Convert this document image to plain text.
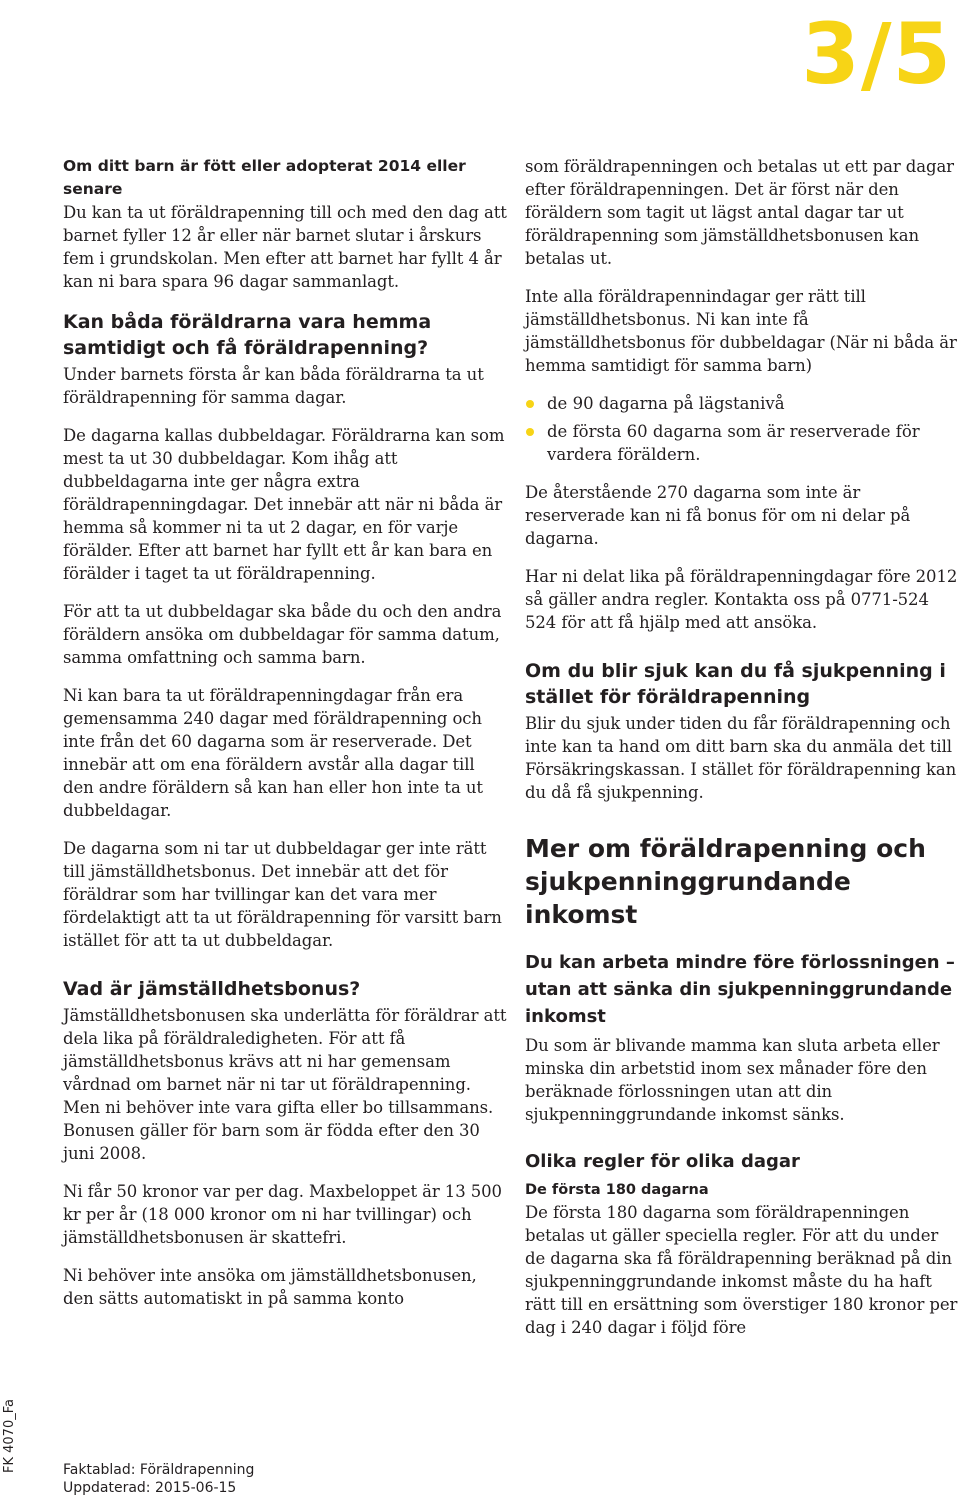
3/5
Om ditt barn är fött eller adopterat 2014 eller senare

Du kan ta ut föräldrapenning till och med den dag att barnet fyller 12 år eller när barnet slutar i årskurs fem i grundskolan. Men efter att barnet har fyllt 4 år kan ni bara spara 96 dagar sammanlagt.

Kan båda föräldrarna vara hemma samtidigt och få föräldrapenning?

Under barnets första år kan båda föräldrarna ta ut föräldrapenning för samma dagar.

De dagarna kallas dubbeldagar. Föräldrarna kan som mest ta ut 30 dubbeldagar. Kom ihåg att dubbeldagarna inte ger några extra föräldrapenningdagar. Det innebär att när ni båda är hemma så kommer ni ta ut 2 dagar, en för varje förälder. Efter att barnet har fyllt ett år kan bara en förälder i taget ta ut föräldrapenning.

För att ta ut dubbeldagar ska både du och den andra föräldern ansöka om dubbeldagar för samma datum, samma omfattning och samma barn.

Ni kan bara ta ut föräldrapenningdagar från era gemensamma 240 dagar med föräldrapenning och inte från det 60 dagarna som är reserverade. Det innebär att om ena föräldern avstår alla dagar till den andre föräldern så kan han eller hon inte ta ut dubbeldagar.

De dagarna som ni tar ut dubbeldagar ger inte rätt till jämställdhetsbonus. Det innebär att det för föräldrar som har tvillingar kan det vara mer fördelaktigt att ta ut föräldrapenning för varsitt barn istället för att ta ut dubbeldagar.

Vad är jämställdhetsbonus?

Jämställdhetsbonusen ska underlätta för föräldrar att dela lika på föräldraledigheten. För att få jämställdhetsbonus krävs att ni har gemensam vårdnad om barnet när ni tar ut föräldrapenning. Men ni behöver inte vara gifta eller bo tillsammans. Bonusen gäller för barn som är födda efter den 30 juni 2008.

Ni får 50 kronor var per dag. Maxbeloppet är 13 500 kr per år (18 000 kronor om ni har tvillingar) och jämställdhetsbonusen är skattefri.

Ni behöver inte ansöka om jämställdhetsbonusen, den sätts automatiskt in på samma konto

som föräldrapenningen och betalas ut ett par dagar efter föräldrapenningen. Det är först när den föräldern som tagit ut lägst antal dagar tar ut föräldrapenning som jämställdhetsbonusen kan betalas ut.

Inte alla föräldrapennindagar ger rätt till jämställdhetsbonus. Ni kan inte få jämställdhetsbonus för dubbeldagar (När ni båda är hemma samtidigt för samma barn)

de 90 dagarna på lägstanivå
de första 60 dagarna som är reserverade för vardera föräldern.

De återstående 270 dagarna som inte är reserverade kan ni få bonus för om ni delar på dagarna.

Har ni delat lika på föräldrapenningdagar före 2012 så gäller andra regler. Kontakta oss på 0771-524 524 för att få hjälp med att ansöka.

Om du blir sjuk kan du få sjukpenning i stället för föräldrapenning

Blir du sjuk under tiden du får föräldrapenning och inte kan ta hand om ditt barn ska du anmäla det till Försäkringskassan. I stället för föräldrapenning kan du då få sjukpenning.

Mer om föräldrapenning och sjukpenninggrundande inkomst
Du kan arbeta mindre före förlossningen – utan att sänka din sjukpenninggrundande inkomst

Du som är blivande mamma kan sluta arbeta eller minska din arbetstid inom sex månader före den beräknade förlossningen utan att din sjukpenninggrundande inkomst sänks.

Olika regler för olika dagar
De första 180 dagarna

De första 180 dagarna som föräldrapenningen betalas ut gäller speciella regler. För att du under de dagarna ska få föräldrapenning beräknad på din sjukpenninggrundande inkomst måste du ha haft rätt till en ersättning som överstiger 180 kronor per dag i 240 dagar i följd före

FK 4070_Fa	Faktablad: Föräldrapenning
Uppdaterad: 2015-06-15
